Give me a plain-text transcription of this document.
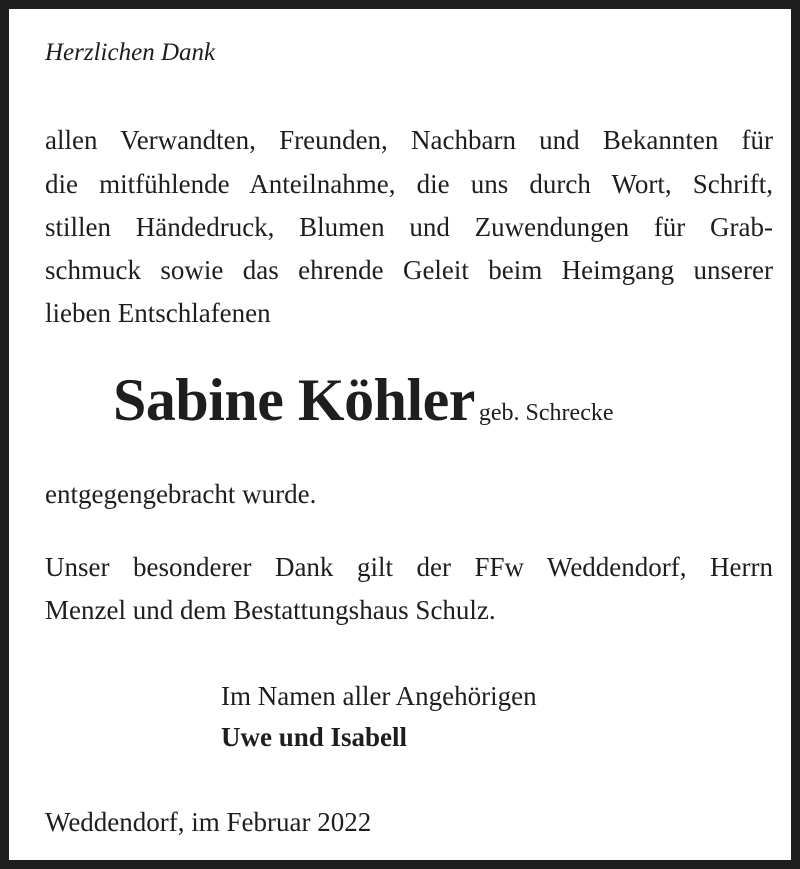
Herzlichen Dank

allen Verwandten, Freunden, Nachbarn und Bekannten für

die mitfühlende Anteilnahme, die uns durch Wort, Schrift,

stillen Händedruck, Blumen und Zuwendungen für Grab-

schmuck sowie das ehrende Geleit beim Heimgang unserer

lieben Entschlafenen

Sabine Köhler geb. Schrecke

entgegengebracht wurde.

Unser besonderer Dank gilt der FFw Weddendorf, Herrn

Menzel und dem Bestattungshaus Schulz.

Im Namen aller Angehörigen

Uwe und Isabell

Weddendorf, im Februar 2022
